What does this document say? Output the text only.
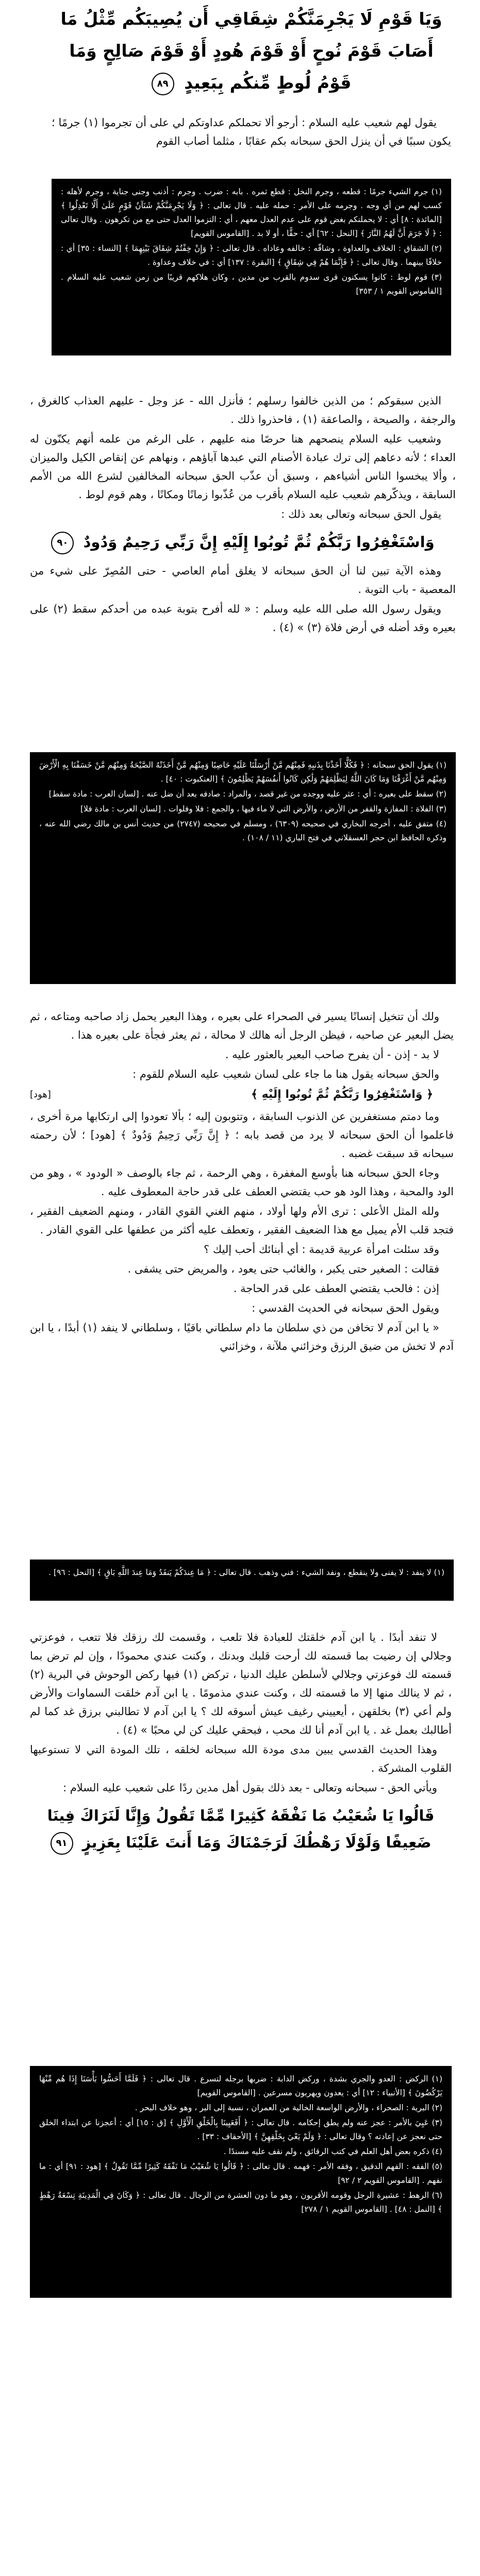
وَيَا قَوْمِ لَا يَجْرِمَنَّكُمْ شِقَاقِي أَن يُصِيبَكُم مِّثْلُ مَا أَصَابَ قَوْمَ نُوحٍ أَوْ قَوْمَ هُودٍ أَوْ قَوْمَ صَالِحٍ وَمَا قَوْمُ لُوطٍ مِّنكُم بِبَعِيدٍ ٨٩

يقول لهم شعيب عليه السلام : أرجو ألا تحملكم عداوتكم لي على أن تجرموا (١) جرمًا ؛ يكون سببًا في أن ينزل الحق سبحانه بكم عقابًا ، مثلما أصاب القوم

(١) جرم الشيء جرمًا : قطعه ، وجرم النخل : قطع ثمره . بابه : ضرب . وجرم : أذنب وجنى جناية ، وجرم لأهله : كسب لهم من أي وجه . وجرمه على الأمر : حمله عليه . قال تعالى : ﴿ وَلَا يَجْرِمَنَّكُمْ شَنَآنُ قَوْمٍ عَلَىٰ أَلَّا تَعْدِلُوا ﴾ [المائدة : ٨] أي : لا يحملنكم بغض قوم على عدم العدل معهم ، أي : التزموا العدل حتى مع من تكرهون . وقال تعالى : ﴿ لَا جَرَمَ أَنَّ لَهُمُ النَّارَ ﴾ [النحل : ٦٢] أي : حقًّا ، أو لا بد . [القاموس القويم]

(٢) الشقاق : الخلاف والعداوة ، وشاقّه : خالفه وعاداه . قال تعالى : ﴿ وَإِنْ خِفْتُمْ شِقَاقَ بَيْنِهِمَا ﴾ [النساء : ٣٥] أي : خلافًا بينهما . وقال تعالى : ﴿ فَإِنَّمَا هُمْ فِي شِقَاقٍ ﴾ [البقرة : ١٣٧] أي : في خلاف وعداوة .

(٣) قوم لوط : كانوا يسكنون قرى سدوم بالقرب من مدين ، وكان هلاكهم قريبًا من زمن شعيب عليه السلام . [القاموس القويم ١ / ٣٥٣]

الذين سبقوكم ؛ من الذين خالفوا رسلهم ؛ فأنزل الله - عز وجل - عليهم العذاب كالغرق ، والرجفة ، والصيحة ، والصاعقة (١) ، فاحذروا ذلك .

وشعيب عليه السلام ينصحهم هنا حرصًا منه عليهم ، على الرغم من علمه أنهم يكنّون له العداء ؛ لأنه دعاهم إلى ترك عبادة الأصنام التي عبدها آباؤهم ، ونهاهم عن إنقاص الكيل والميزان ، وألا يبخسوا الناس أشياءهم ، وسبق أن عذّب الحق سبحانه المخالفين لشرع الله من الأمم السابقة ، ويذكّرهم شعيب عليه السلام بأقرب من عُذّبوا زمانًا ومكانًا ، وهم قوم لوط .

يقول الحق سبحانه وتعالى بعد ذلك :

وَاسْتَغْفِرُوا رَبَّكُمْ ثُمَّ تُوبُوا إِلَيْهِ إِنَّ رَبِّي رَحِيمٌ وَدُودٌ ٩٠

وهذه الآية تبين لنا أن الحق سبحانه لا يغلق أمام العاصي - حتى المُصِرّ على شيء من المعصية - باب التوبة .

ويقول رسول الله صلى الله عليه وسلم : « لله أفرح بتوبة عبده من أحدكم سقط (٢) على بعيره وقد أضله في أرض فلاة (٣) » (٤) .

(١) يقول الحق سبحانه : ﴿ فَكُلًّا أَخَذْنَا بِذَنبِهِ فَمِنْهُم مَّنْ أَرْسَلْنَا عَلَيْهِ حَاصِبًا وَمِنْهُم مَّنْ أَخَذَتْهُ الصَّيْحَةُ وَمِنْهُم مَّنْ خَسَفْنَا بِهِ الْأَرْضَ وَمِنْهُم مَّنْ أَغْرَقْنَا وَمَا كَانَ اللَّهُ لِيَظْلِمَهُمْ وَلَٰكِن كَانُوا أَنفُسَهُمْ يَظْلِمُونَ ﴾ [العنكبوت : ٤٠] .

(٢) سقط على بعيره : أي : عثر عليه ووجده من غير قصد ، والمراد : صادفه بعد أن ضل عنه . [لسان العرب : مادة سقط]

(٣) الفلاة : المفازة والقفر من الأرض ، والأرض التي لا ماء فيها ، والجمع : فلا وفلوات . [لسان العرب : مادة فلا]

(٤) متفق عليه ، أخرجه البخاري في صحيحه (٦٣٠٩) ، ومسلم في صحيحه (٢٧٤٧) من حديث أنس بن مالك رضي الله عنه ، وذكره الحافظ ابن حجر العسقلاني في فتح الباري (١١ / ١٠٨) .

ولك أن تتخيل إنسانًا يسير في الصحراء على بعيره ، وهذا البعير يحمل زاد صاحبه ومتاعه ، ثم يضل البعير عن صاحبه ، فيظن الرجل أنه هالك لا محالة ، ثم يعثر فجأة على بعيره هذا .

لا بد - إذن - أن يفرح صاحب البعير بالعثور عليه .

والحق سبحانه يقول هنا ما جاء على لسان شعيب عليه السلام للقوم :

﴿ وَاسْتَغْفِرُوا رَبَّكُمْ ثُمَّ تُوبُوا إِلَيْهِ ﴾
[هود]

وما دمتم مستغفرين عن الذنوب السابقة ، وتتوبون إليه ؛ بألا تعودوا إلى ارتكابها مرة أخرى ، فاعلموا أن الحق سبحانه لا يرد من قصد بابه ؛ ﴿ إِنَّ رَبِّي رَحِيمٌ وَدُودٌ ﴾ [هود] ؛ لأن رحمته سبحانه قد سبقت غضبه .

وجاء الحق سبحانه هنا بأوسع المغفرة ، وهي الرحمة ، ثم جاء بالوصف « الودود » ، وهو من الود والمحبة ، وهذا الود هو حب يقتضي العطف على قدر حاجة المعطوف عليه .

ولله المثل الأعلى : ترى الأم ولها أولاد ، منهم الغني القوي القادر ، ومنهم الضعيف الفقير ، فتجد قلب الأم يميل مع هذا الضعيف الفقير ، وتعطف عليه أكثر من عطفها على القوي القادر .

وقد سئلت امرأة عربية قديمة : أي أبنائك أحب إليك ؟

فقالت : الصغير حتى يكبر ، والغائب حتى يعود ، والمريض حتى يشفى .

إذن : فالحب يقتضي العطف على قدر الحاجة .

ويقول الحق سبحانه في الحديث القدسي :

« يا ابن آدم لا تخافن من ذي سلطان ما دام سلطاني باقيًا ، وسلطاني لا ينفد (١) أبدًا ، يا ابن آدم لا تخش من ضيق الرزق وخزائني ملآنة ، وخزائني

(١) لا ينفد : لا يفنى ولا ينقطع ، ونفد الشيء : فني وذهب . قال تعالى : ﴿ مَا عِندَكُمْ يَنفَدُ وَمَا عِندَ اللَّهِ بَاقٍ ﴾ [النحل : ٩٦] .

لا تنفد أبدًا . يا ابن آدم خلقتك للعبادة فلا تلعب ، وقسمت لك رزقك فلا تتعب ، فوعزتي وجلالي إن رضيت بما قسمته لك أرحت قلبك وبدنك ، وكنت عندي محمودًا ، وإن لم ترض بما قسمته لك فوعزتي وجلالي لأسلطن عليك الدنيا ، تركض (١) فيها ركض الوحوش في البرية (٢) ، ثم لا ينالك منها إلا ما قسمته لك ، وكنت عندي مذمومًا . يا ابن آدم خلقت السماوات والأرض ولم أعي (٣) بخلقهن ، أيعييني رغيف عيش أسوقه لك ؟ يا ابن آدم لا تطالبني برزق غد كما لم أطالبك بعمل غد . يا ابن آدم أنا لك محب ، فبحقي عليك كن لي محبًا » (٤) .

وهذا الحديث القدسي يبين مدى مودة الله سبحانه لخلقه ، تلك المودة التي لا تستوعبها القلوب المشركة .

ويأتي الحق - سبحانه وتعالى - بعد ذلك بقول أهل مدين ردًا على شعيب عليه السلام :

قَالُوا يَا شُعَيْبُ مَا نَفْقَهُ كَثِيرًا مِّمَّا تَقُولُ وَإِنَّا لَنَرَاكَ فِينَا ضَعِيفًا وَلَوْلَا رَهْطُكَ لَرَجَمْنَاكَ وَمَا أَنتَ عَلَيْنَا بِعَزِيزٍ ٩١

(١) الركض : العدو والجري بشدة ، وركض الدابة : ضربها برجله لتسرع . قال تعالى : ﴿ فَلَمَّا أَحَسُّوا بَأْسَنَا إِذَا هُم مِّنْهَا يَرْكُضُونَ ﴾ [الأنبياء : ١٢] أي : يعدون ويهربون مسرعين . [القاموس القويم]

(٢) البرية : الصحراء ، والأرض الواسعة الخالية من العمران ، نسبة إلى البر ، وهو خلاف البحر .

(٣) عَيِيَ بالأمر : عجز عنه ولم يطق إحكامه . قال تعالى : ﴿ أَفَعَيِينَا بِالْخَلْقِ الْأَوَّلِ ﴾ [ق : ١٥] أي : أعجزنا عن ابتداء الخلق حتى نعجز عن إعادته ؟ وقال تعالى : ﴿ وَلَمْ يَعْيَ بِخَلْقِهِنَّ ﴾ [الأحقاف : ٣٣] .

(٤) ذكره بعض أهل العلم في كتب الرقائق ، ولم نقف عليه مسندًا .

(٥) الفقه : الفهم الدقيق ، وفقه الأمر : فهمه . قال تعالى : ﴿ قَالُوا يَا شُعَيْبُ مَا نَفْقَهُ كَثِيرًا مِّمَّا تَقُولُ ﴾ [هود : ٩١] أي : ما نفهم . [القاموس القويم ٢ / ٩٢]

(٦) الرهط : عشيرة الرجل وقومه الأقربون ، وهو ما دون العشرة من الرجال . قال تعالى : ﴿ وَكَانَ فِي الْمَدِينَةِ تِسْعَةُ رَهْطٍ ﴾ [النمل : ٤٨] . [القاموس القويم ١ / ٢٧٨]
